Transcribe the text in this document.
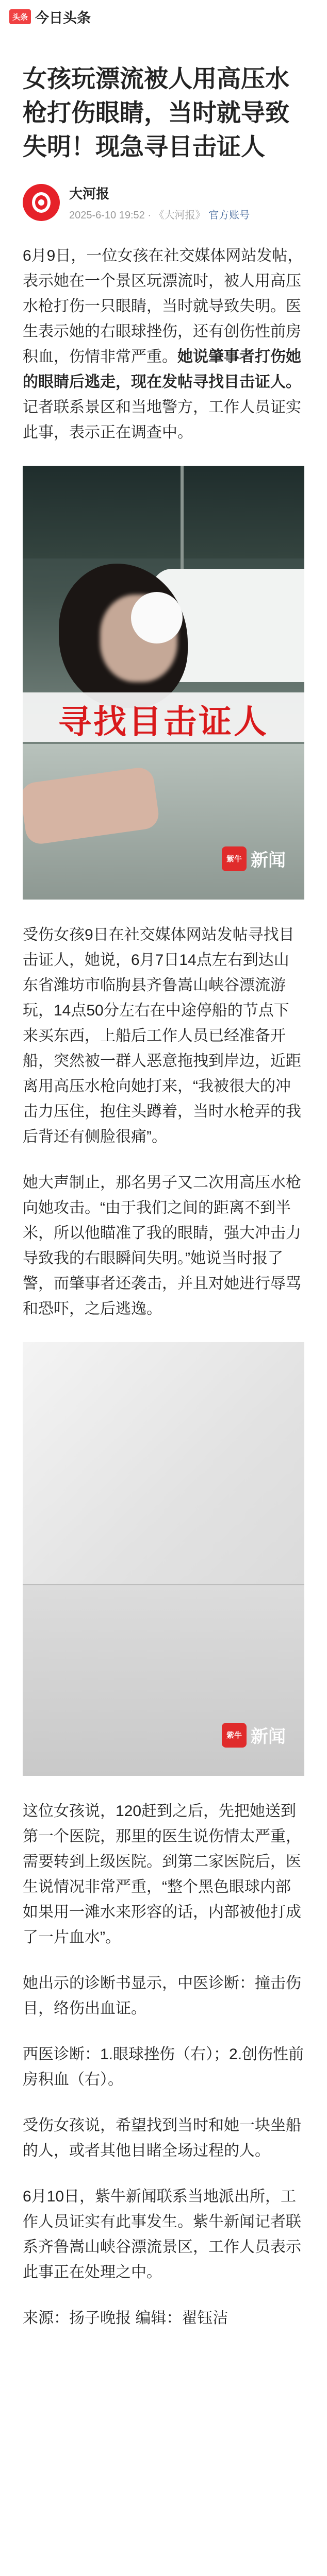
头条 今日头条
女孩玩漂流被人用高压水枪打伤眼睛，当时就导致失明！现急寻目击证人
大河报
2025-6-10 19:52 · 《大河报》 官方账号

6月9日，一位女孩在社交媒体网站发帖，表示她在一个景区玩漂流时，被人用高压水枪打伤一只眼睛，当时就导致失明。医生表示她的右眼球挫伤，还有创伤性前房积血，伤情非常严重。她说肇事者打伤她的眼睛后逃走，现在发帖寻找目击证人。记者联系景区和当地警方，工作人员证实此事，表示正在调查中。

寻找目击证人
紫牛 新闻

受伤女孩9日在社交媒体网站发帖寻找目击证人，她说，6月7日14点左右到达山东省潍坊市临朐县齐鲁嵩山峡谷漂流游玩，14点50分左右在中途停船的节点下来买东西，上船后工作人员已经准备开船，突然被一群人恶意拖拽到岸边，近距离用高压水枪向她打来，“我被很大的冲击力压住，抱住头蹲着，当时水枪弄的我后背还有侧脸很痛”。

她大声制止，那名男子又二次用高压水枪向她攻击。“由于我们之间的距离不到半米，所以他瞄准了我的眼睛，强大冲击力导致我的右眼瞬间失明。”她说当时报了警，而肇事者还袭击，并且对她进行辱骂和恐吓，之后逃逸。

紫牛 新闻

这位女孩说，120赶到之后，先把她送到第一个医院，那里的医生说伤情太严重，需要转到上级医院。到第二家医院后，医生说情况非常严重，“整个黑色眼球内部如果用一滩水来形容的话，内部被他打成了一片血水”。

她出示的诊断书显示，中医诊断：撞击伤目，络伤出血证。

西医诊断：1.眼球挫伤（右）；2.创伤性前房积血（右）。

受伤女孩说，希望找到当时和她一块坐船的人，或者其他目睹全场过程的人。

6月10日，紫牛新闻联系当地派出所，工作人员证实有此事发生。紫牛新闻记者联系齐鲁嵩山峡谷漂流景区，工作人员表示此事正在处理之中。

来源：扬子晚报 编辑：翟钰洁
